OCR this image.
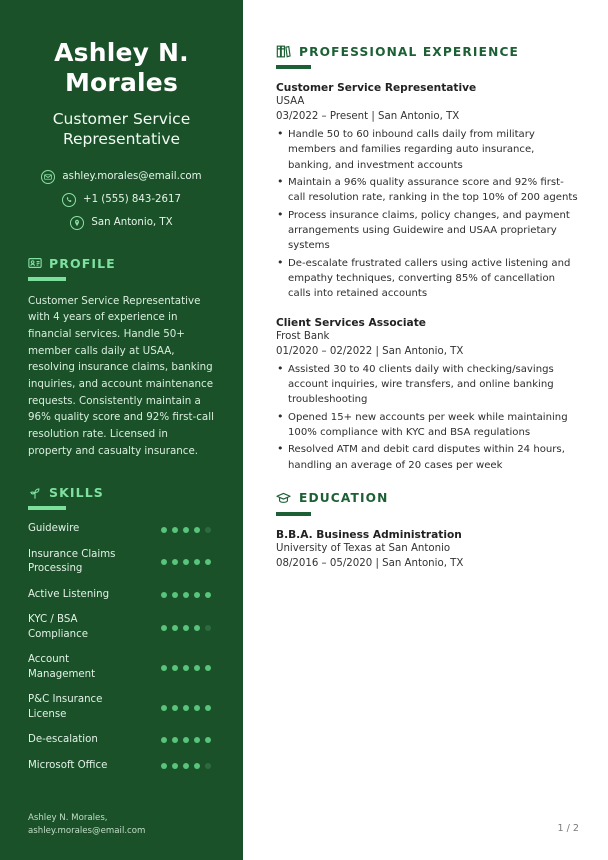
Ashley N. Morales
Customer Service Representative
ashley.morales@email.com
+1 (555) 843-2617
San Antonio, TX
PROFILE

Customer Service Representative with 4 years of experience in financial services. Handle 50+ member calls daily at USAA, resolving insurance claims, banking inquiries, and account maintenance requests. Consistently maintain a 96% quality score and 92% first-call resolution rate. Licensed in property and casualty insurance.

SKILLS
Guidewire
Insurance Claims Processing
Active Listening
KYC / BSA Compliance
Account Management
P&C Insurance License
De-escalation
Microsoft Office
Ashley N. Morales,
ashley.morales@email.com
PROFESSIONAL EXPERIENCE
Customer Service Representative
USAA
03/2022 – Present | San Antonio, TX
• Handle 50 to 60 inbound calls daily from military members and families regarding auto insurance, banking, and investment accounts
• Maintain a 96% quality assurance score and 92% first-call resolution rate, ranking in the top 10% of 200 agents
• Process insurance claims, policy changes, and payment arrangements using Guidewire and USAA proprietary systems
• De-escalate frustrated callers using active listening and empathy techniques, converting 85% of cancellation calls into retained accounts
Client Services Associate
Frost Bank
01/2020 – 02/2022 | San Antonio, TX
• Assisted 30 to 40 clients daily with checking/savings account inquiries, wire transfers, and online banking troubleshooting
• Opened 15+ new accounts per week while maintaining 100% compliance with KYC and BSA regulations
• Resolved ATM and debit card disputes within 24 hours, handling an average of 20 cases per week
EDUCATION
B.B.A. Business Administration
University of Texas at San Antonio
08/2016 – 05/2020 | San Antonio, TX
1 / 2
